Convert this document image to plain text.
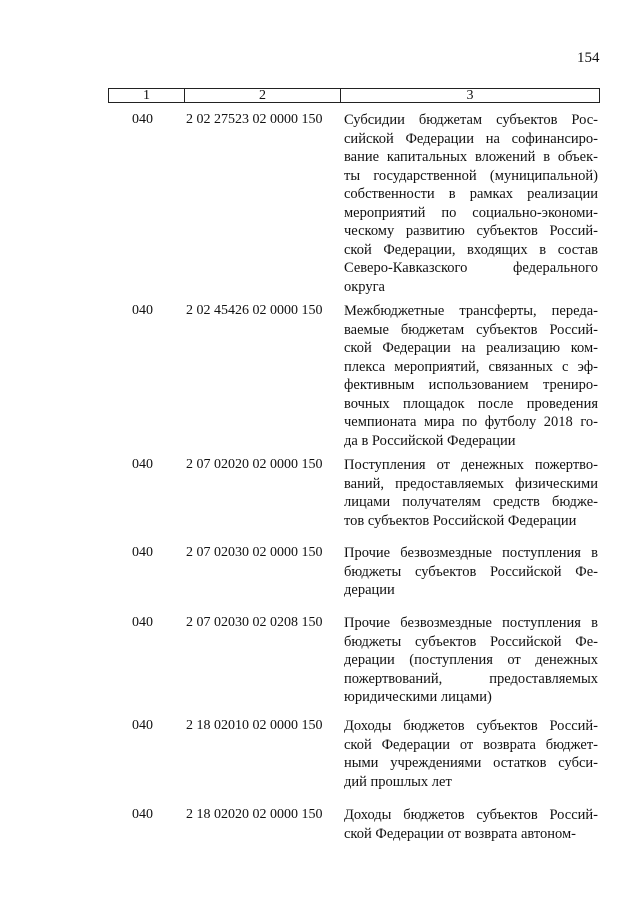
154
1	2	3
040 2 02 27523 02 0000 150 Субсидии бюджетам субъектов Рос-
сийской Федерации на софинансиро-
вание капитальных вложений в объек-
ты государственной (муниципальной)
собственности в рамках реализации
мероприятий по социально-экономи-
ческому развитию субъектов Россий-
ской Федерации, входящих в состав
Северо-Кавказского федерального
округа
040 2 02 45426 02 0000 150 Межбюджетные трансферты, переда-
ваемые бюджетам субъектов Россий-
ской Федерации на реализацию ком-
плекса мероприятий, связанных с эф-
фективным использованием трениро-
вочных площадок после проведения
чемпионата мира по футболу 2018 го-
да в Российской Федерации
040 2 07 02020 02 0000 150 Поступления от денежных пожертво-
ваний, предоставляемых физическими
лицами получателям средств бюдже-
тов субъектов Российской Федерации
040 2 07 02030 02 0000 150 Прочие безвозмездные поступления в
бюджеты субъектов Российской Фе-
дерации
040 2 07 02030 02 0208 150 Прочие безвозмездные поступления в
бюджеты субъектов Российской Фе-
дерации (поступления от денежных
пожертвований, предоставляемых
юридическими лицами)
040 2 18 02010 02 0000 150 Доходы бюджетов субъектов Россий-
ской Федерации от возврата бюджет-
ными учреждениями остатков субси-
дий прошлых лет
040 2 18 02020 02 0000 150 Доходы бюджетов субъектов Россий-
ской Федерации от возврата автоном-
